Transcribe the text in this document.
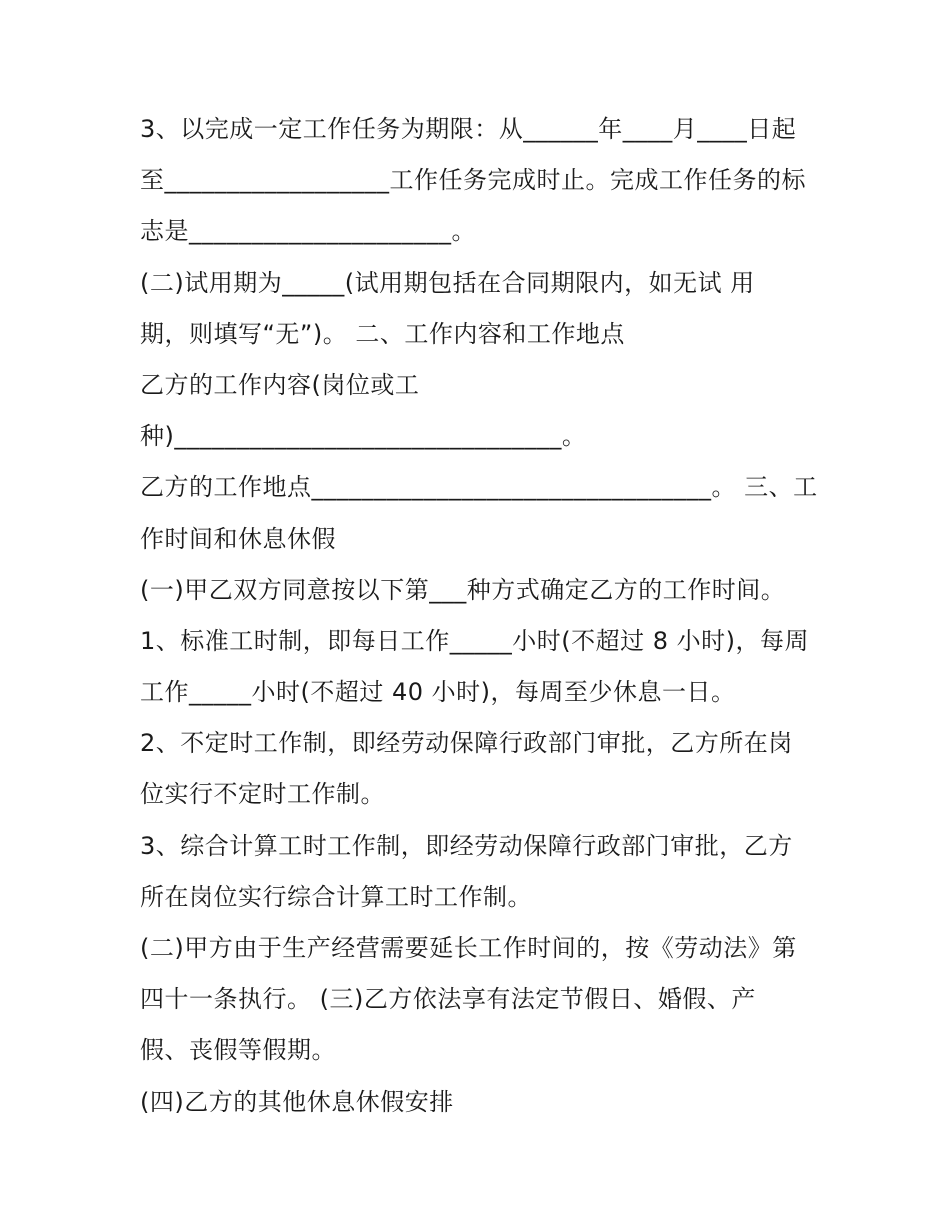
3、以完成一定工作任务为期限：从______年____月____日起
至__________________工作任务完成时止。完成工作任务的标
志是_____________________。
(二)试用期为_____(试用期包括在合同期限内，如无试 用
期，则填写“无”)。 二、工作内容和工作地点
乙方的工作内容(岗位或工
种)_______________________________。
乙方的工作地点________________________________。 三、工
作时间和休息休假
(一)甲乙双方同意按以下第___种方式确定乙方的工作时间。
1、标准工时制，即每日工作_____小时(不超过 8 小时)，每周
工作_____小时(不超过 40 小时)，每周至少休息一日。
2、不定时工作制，即经劳动保障行政部门审批，乙方所在岗
位实行不定时工作制。
3、综合计算工时工作制，即经劳动保障行政部门审批，乙方
所在岗位实行综合计算工时工作制。
(二)甲方由于生产经营需要延长工作时间的，按《劳动法》第
四十一条执行。 (三)乙方依法享有法定节假日、婚假、产
假、丧假等假期。
(四)乙方的其他休息休假安排
